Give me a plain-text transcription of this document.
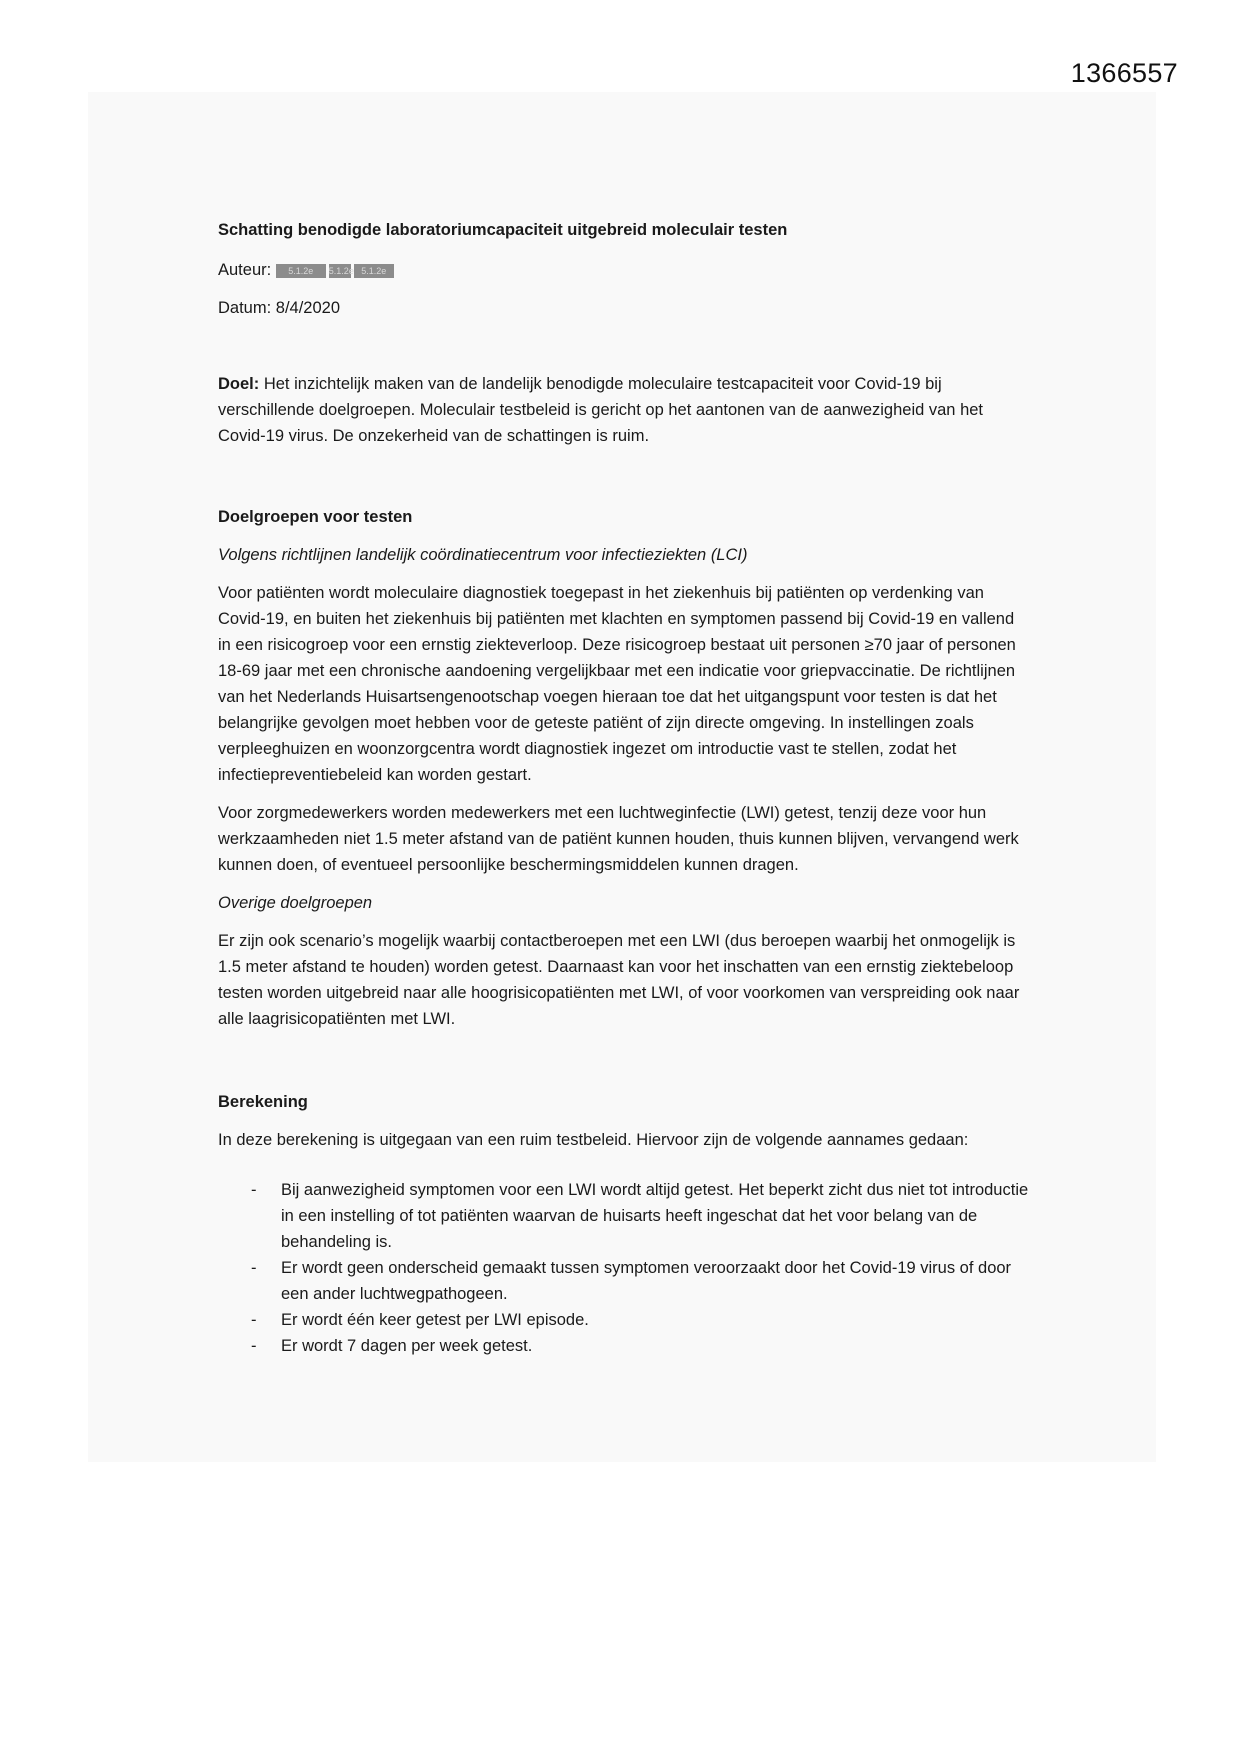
1366557
Schatting benodigde laboratoriumcapaciteit uitgebreid moleculair testen

Auteur: 5.1.2e 5.1.2e 5.1.2e

Datum: 8/4/2020

Doel: Het inzichtelijk maken van de landelijk benodigde moleculaire testcapaciteit voor Covid-19 bij verschillende doelgroepen. Moleculair testbeleid is gericht op het aantonen van de aanwezigheid van het Covid-19 virus. De onzekerheid van de schattingen is ruim.

Doelgroepen voor testen

Volgens richtlijnen landelijk coördinatiecentrum voor infectieziekten (LCI)

Voor patiënten wordt moleculaire diagnostiek toegepast in het ziekenhuis bij patiënten op verdenking van Covid-19, en buiten het ziekenhuis bij patiënten met klachten en symptomen passend bij Covid-19 en vallend in een risicogroep voor een ernstig ziekteverloop. Deze risicogroep bestaat uit personen ≥70 jaar of personen 18-69 jaar met een chronische aandoening vergelijkbaar met een indicatie voor griepvaccinatie. De richtlijnen van het Nederlands Huisartsengenootschap voegen hieraan toe dat het uitgangspunt voor testen is dat het belangrijke gevolgen moet hebben voor de geteste patiënt of zijn directe omgeving. In instellingen zoals verpleeghuizen en woonzorgcentra wordt diagnostiek ingezet om introductie vast te stellen, zodat het infectiepreventiebeleid kan worden gestart.

Voor zorgmedewerkers worden medewerkers met een luchtweginfectie (LWI) getest, tenzij deze voor hun werkzaamheden niet 1.5 meter afstand van de patiënt kunnen houden, thuis kunnen blijven, vervangend werk kunnen doen, of eventueel persoonlijke beschermingsmiddelen kunnen dragen.

Overige doelgroepen

Er zijn ook scenario’s mogelijk waarbij contactberoepen met een LWI (dus beroepen waarbij het onmogelijk is 1.5 meter afstand te houden) worden getest. Daarnaast kan voor het inschatten van een ernstig ziektebeloop testen worden uitgebreid naar alle hoogrisicopatiënten met LWI, of voor voorkomen van verspreiding ook naar alle laagrisicopatiënten met LWI.

Berekening

In deze berekening is uitgegaan van een ruim testbeleid. Hiervoor zijn de volgende aannames gedaan:

- Bij aanwezigheid symptomen voor een LWI wordt altijd getest. Het beperkt zicht dus niet tot introductie in een instelling of tot patiënten waarvan de huisarts heeft ingeschat dat het voor belang van de behandeling is.
- Er wordt geen onderscheid gemaakt tussen symptomen veroorzaakt door het Covid-19 virus of door een ander luchtwegpathogeen.
- Er wordt één keer getest per LWI episode.
- Er wordt 7 dagen per week getest.
